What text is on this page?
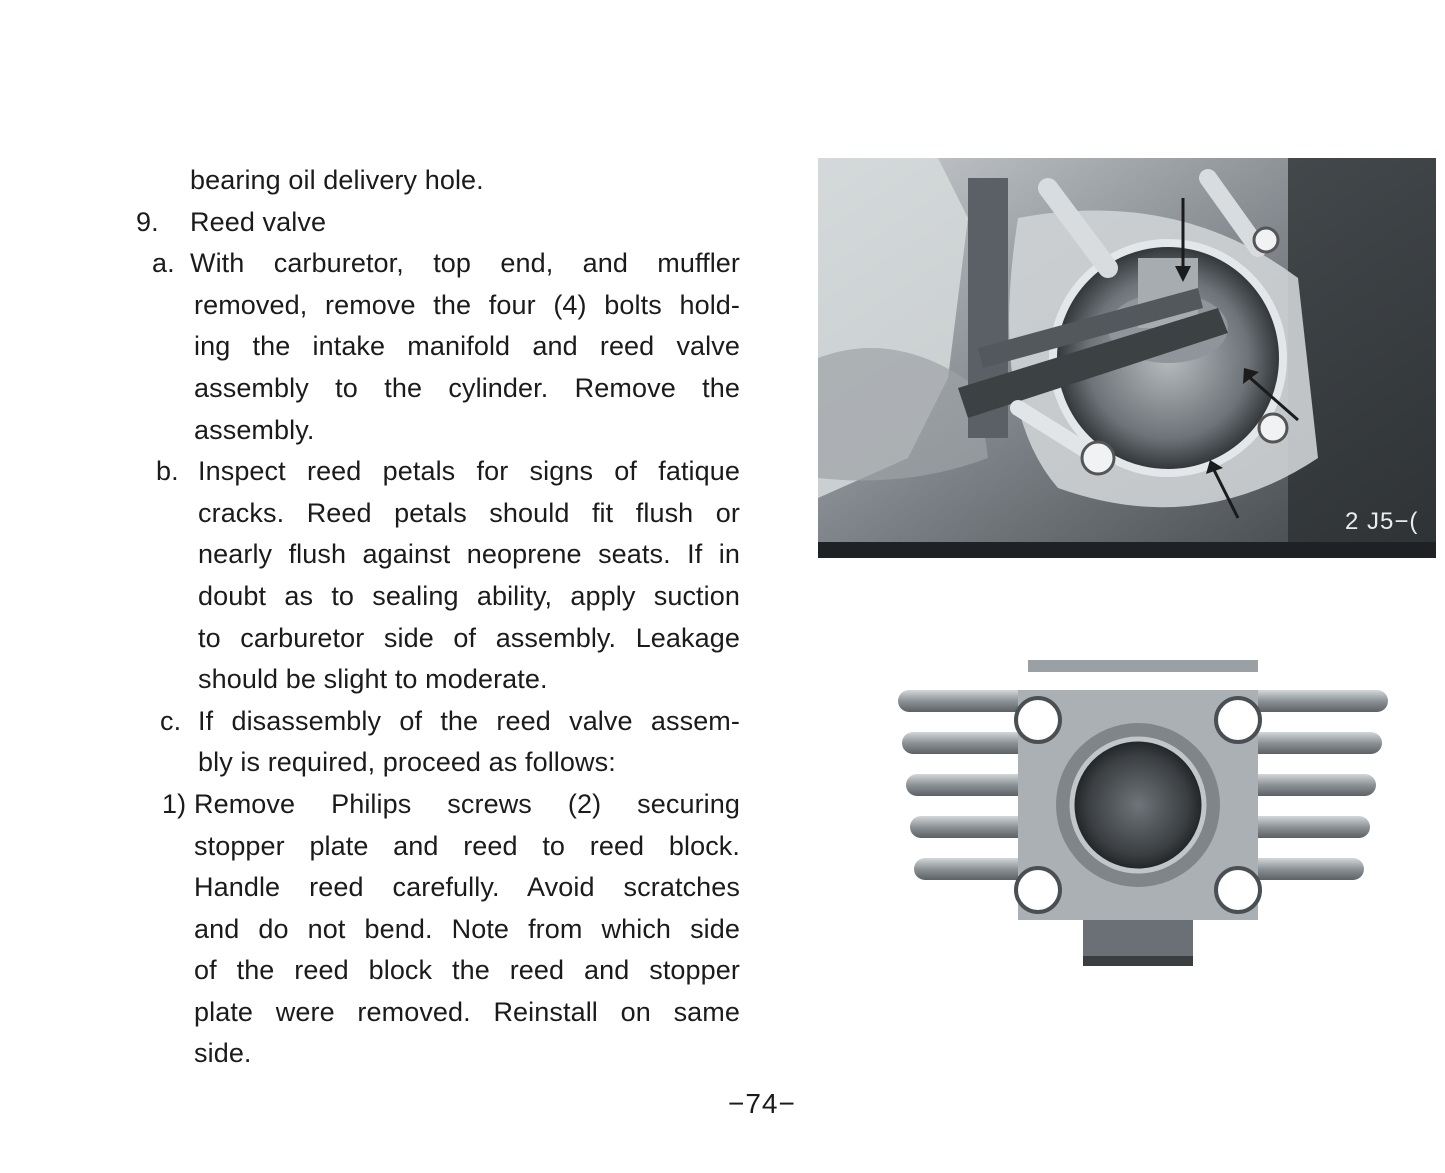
bearing oil delivery hole.
9. Reed valve
a. With carburetor, top end, and muffler
removed, remove the four (4) bolts hold-
ing the intake manifold and reed valve
assembly to the cylinder. Remove the
assembly.
b. Inspect reed petals for signs of fatique
cracks. Reed petals should fit flush or
nearly flush against neoprene seats. If in
doubt as to sealing ability, apply suction
to carburetor side of assembly. Leakage
should be slight to moderate.
c. If disassembly of the reed valve assem-
bly is required, proceed as follows:
1) Remove Philips screws (2) securing
stopper plate and reed to reed block.
Handle reed carefully. Avoid scratches
and do not bend. Note from which side
of the reed block the reed and stopper
plate were removed. Reinstall on same
side.
−74−
2 J5−(
